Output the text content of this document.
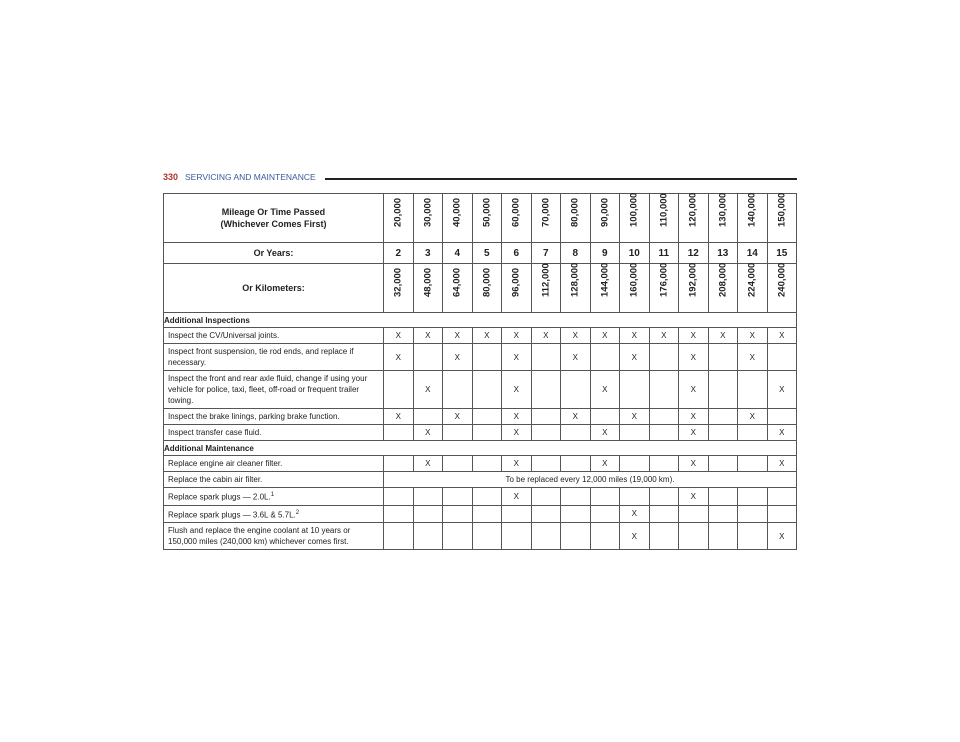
330 SERVICING AND MAINTENANCE
Mileage Or Time Passed
(Whichever Comes First)	20,000	30,000	40,000	50,000	60,000	70,000	80,000	90,000	100,000	110,000	120,000	130,000	140,000	150,000

Or Years:	2	3	4	5	6	7	8	9	10	11	12	13	14	15
Or Kilometers:	32,000	48,000	64,000	80,000	96,000	112,000	128,000	144,000	160,000	176,000	192,000	208,000	224,000	240,000

Additional Inspections														
Inspect the CV/Universal joints.	X	X	X	X	X	X	X	X	X	X	X	X	X	X
Inspect front suspension, tie rod ends, and replace if necessary.	X		X		X		X		X		X		X	
Inspect the front and rear axle fluid, change if using your vehicle for police, taxi, fleet, off-road or frequent trailer towing.		X			X			X			X			X
Inspect the brake linings, parking brake function.	X		X		X		X		X		X		X	
Inspect transfer case fluid.		X			X			X			X			X
Additional Maintenance														
Replace engine air cleaner filter.		X			X			X			X			X
Replace the cabin air filter.	To be replaced every 12,000 miles (19,000 km).													
Replace spark plugs — 2.0L.$^1$					X						X			
Replace spark plugs — 3.6L & 5.7L.$^2$									X					
Flush and replace the engine coolant at 10 years or 150,000 miles (240,000 km) whichever comes first.									X					X
